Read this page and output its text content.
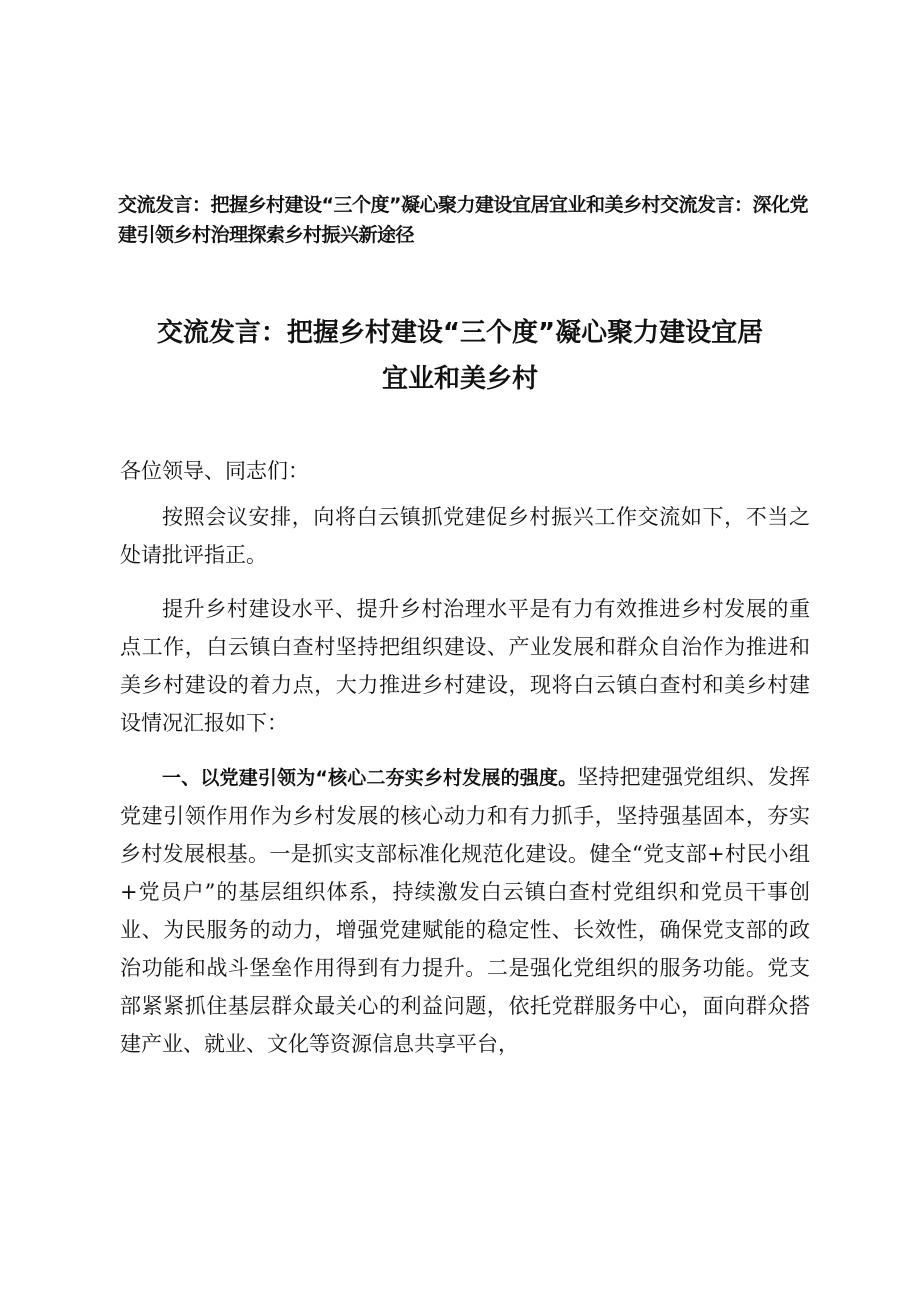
交流发言：把握乡村建设“三个度”凝心聚力建设宜居宜业和美乡村交流发言：深化党建引领乡村治理探索乡村振兴新途径
交流发言：把握乡村建设“三个度”凝心聚力建设宜居
宜业和美乡村
各位领导、同志们：
按照会议安排，向将白云镇抓党建促乡村振兴工作交流如下，不当之处请批评指正。
提升乡村建设水平、提升乡村治理水平是有力有效推进乡村发展的重点工作，白云镇白查村坚持把组织建设、产业发展和群众自治作为推进和美乡村建设的着力点，大力推进乡村建设，现将白云镇白查村和美乡村建设情况汇报如下：
一、以党建引领为“核心二夯实乡村发展的强度。坚持把建强党组织、发挥党建引领作用作为乡村发展的核心动力和有力抓手，坚持强基固本，夯实乡村发展根基。一是抓实支部标准化规范化建设。健全“党支部+村民小组+党员户”的基层组织体系，持续激发白云镇白查村党组织和党员干事创业、为民服务的动力，增强党建赋能的稳定性、长效性，确保党支部的政治功能和战斗堡垒作用得到有力提升。二是强化党组织的服务功能。党支部紧紧抓住基层群众最关心的利益问题，依托党群服务中心，面向群众搭建产业、就业、文化等资源信息共享平台，
